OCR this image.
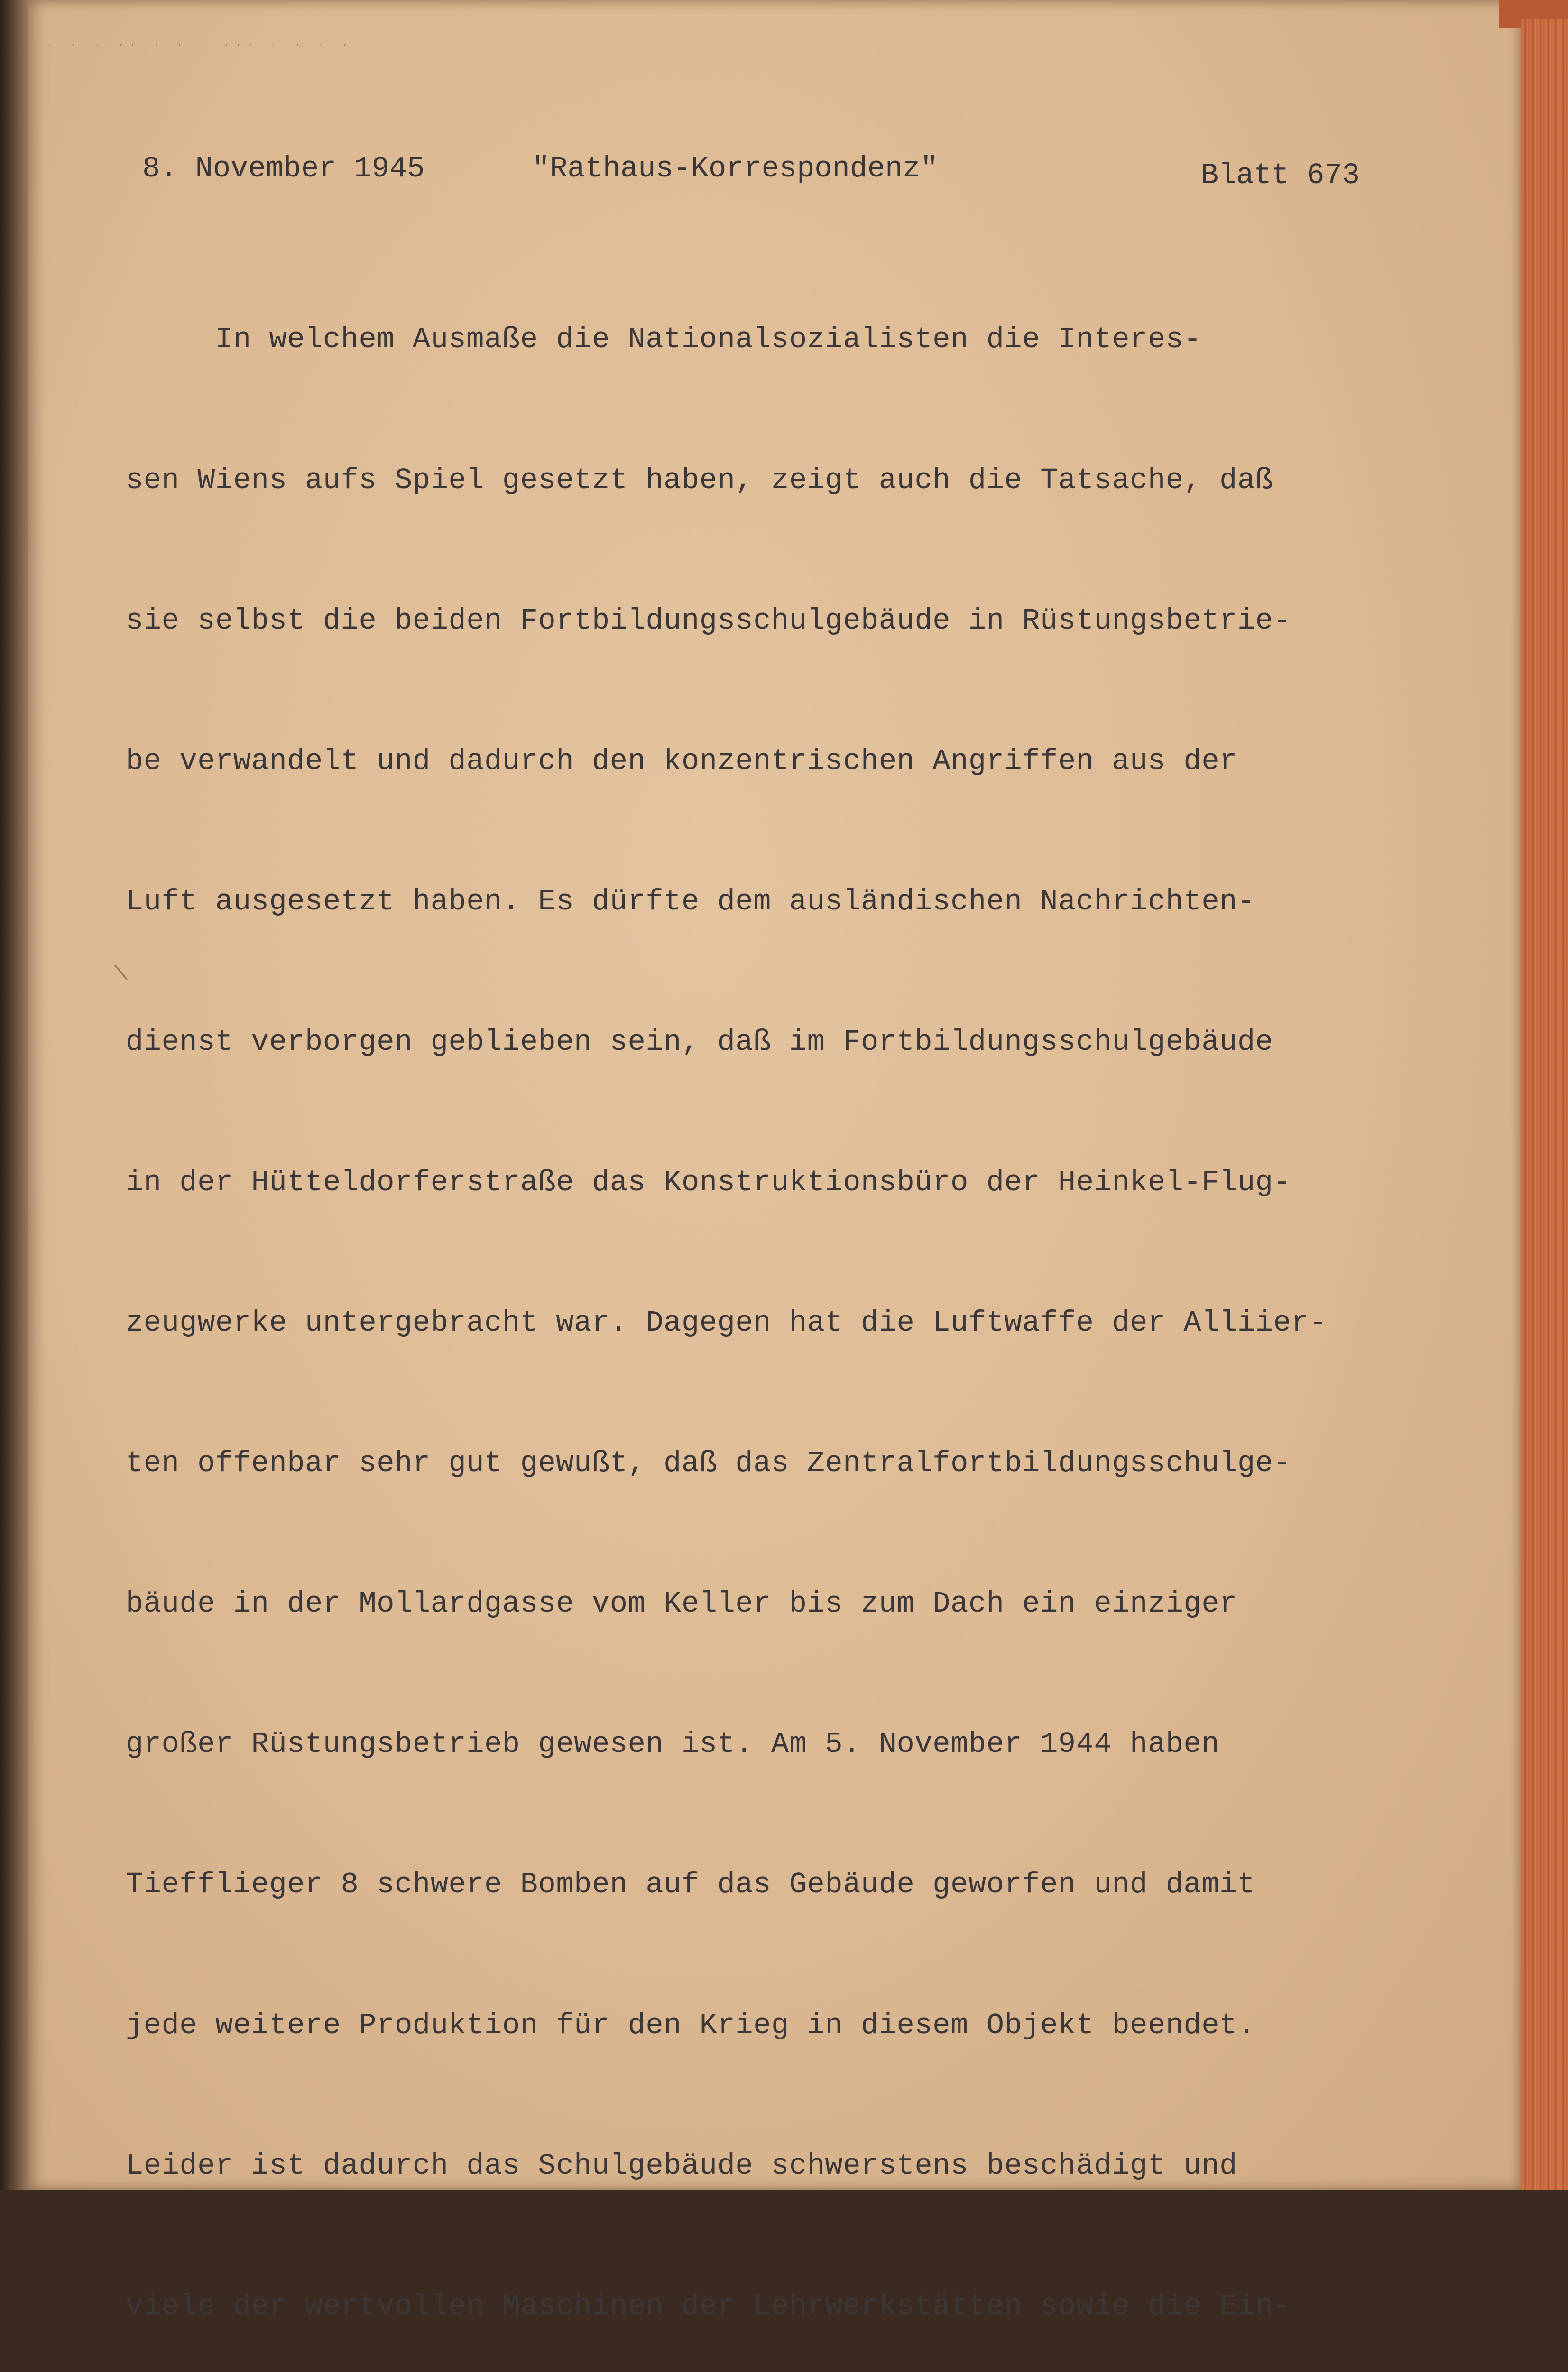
' ' ' '' ' ' ' ''' ' ' ' '
8. November 1945	"Rathaus-Korrespondenz"	Blatt 673

In welchem Ausmaße die Nationalsozialisten die Interes-

sen Wiens aufs Spiel gesetzt haben, zeigt auch die Tatsache, daß

sie selbst die beiden Fortbildungsschulgebäude in Rüstungsbetrie-

be verwandelt und dadurch den konzentrischen Angriffen aus der

Luft ausgesetzt haben. Es dürfte dem ausländischen Nachrichten-

dienst verborgen geblieben sein, daß im Fortbildungsschulgebäude

in der Hütteldorferstraße das Konstruktionsbüro der Heinkel-Flug-

zeugwerke untergebracht war. Dagegen hat die Luftwaffe der Alliier-

ten offenbar sehr gut gewußt, daß das Zentralfortbildungsschulge-

bäude in der Mollardgasse vom Keller bis zum Dach ein einziger

großer Rüstungsbetrieb gewesen ist. Am 5. November 1944 haben

Tiefflieger 8 schwere Bomben auf das Gebäude geworfen und damit

jede weitere Produktion für den Krieg in diesem Objekt beendet.

Leider ist dadurch das Schulgebäude schwerstens beschädigt und

viele der wertvollen Maschinen der Lehrwerkstätten sowie die Ein-
